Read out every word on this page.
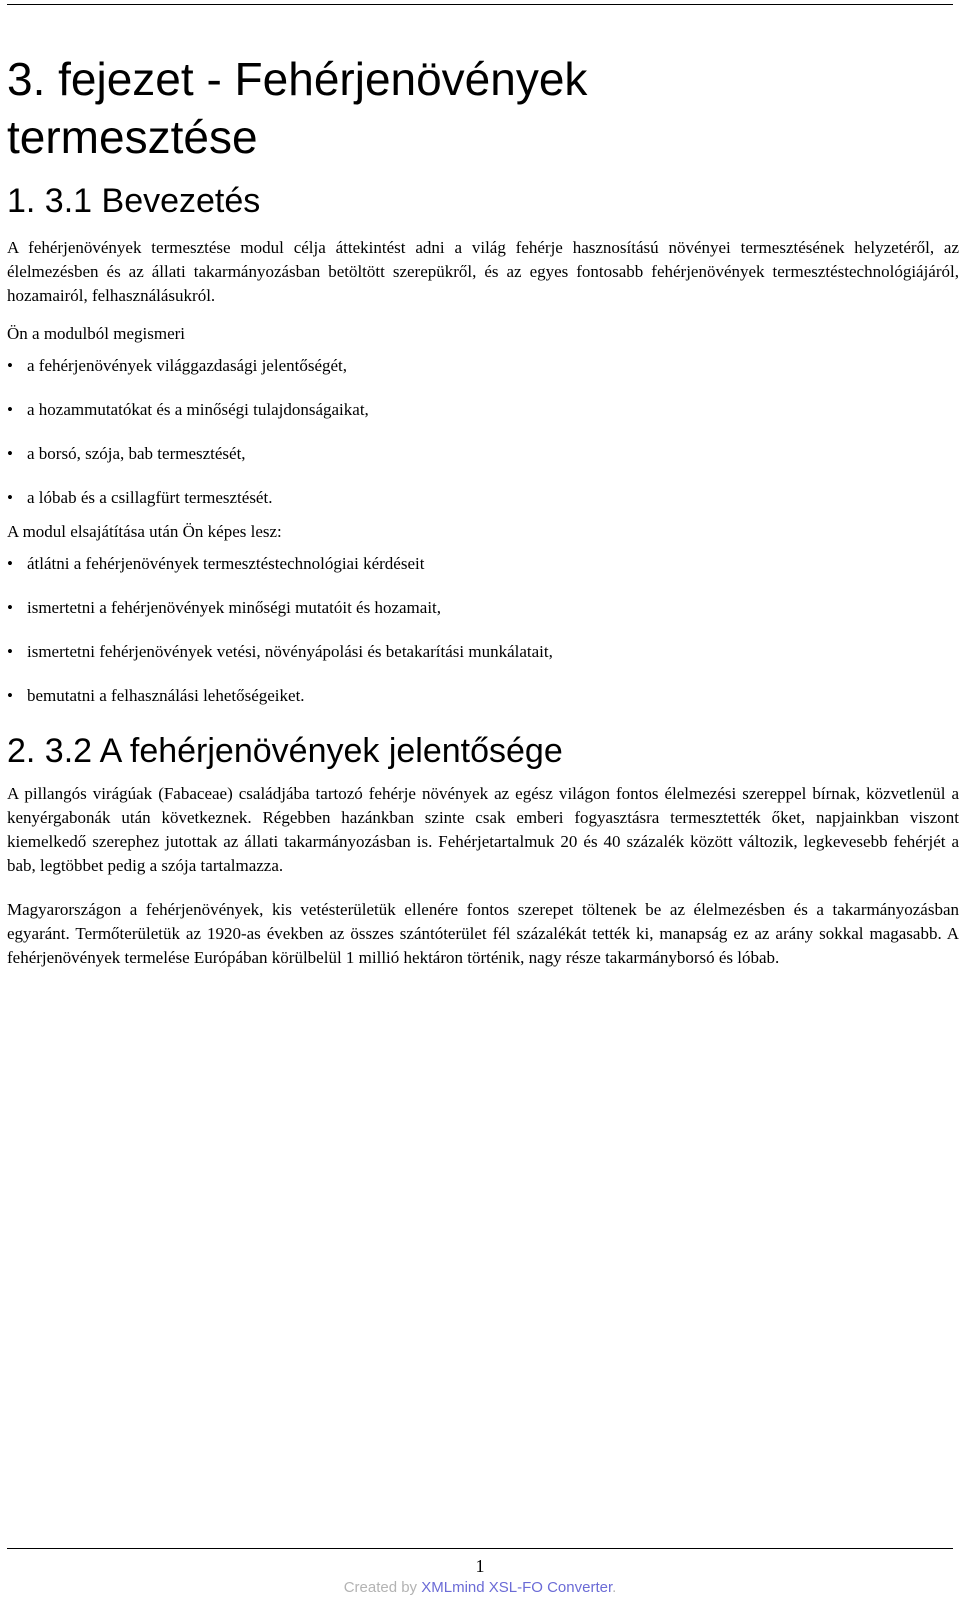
3. fejezet - Fehérjenövények
termesztése
1. 3.1 Bevezetés

A fehérjenövények termesztése modul célja áttekintést adni a világ fehérje hasznosítású növényei termesztésének helyzetéről, az élelmezésben és az állati takarmányozásban betöltött szerepükről, és az egyes fontosabb fehérjenövények termesztéstechnológiájáról, hozamairól, felhasználásukról.

Ön a modulból megismeri

• a fehérjenövények világgazdasági jelentőségét,
• a hozammutatókat és a minőségi tulajdonságaikat,
• a borsó, szója, bab termesztését,
• a lóbab és a csillagfürt termesztését.

A modul elsajátítása után Ön képes lesz:

• átlátni a fehérjenövények termesztéstechnológiai kérdéseit
• ismertetni a fehérjenövények minőségi mutatóit és hozamait,
• ismertetni fehérjenövények vetési, növényápolási és betakarítási munkálatait,
• bemutatni a felhasználási lehetőségeiket.
2. 3.2 A fehérjenövények jelentősége

A pillangós virágúak (Fabaceae) családjába tartozó fehérje növények az egész világon fontos élelmezési szereppel bírnak, közvetlenül a kenyérgabonák után következnek. Régebben hazánkban szinte csak emberi fogyasztásra termesztették őket, napjainkban viszont kiemelkedő szerephez jutottak az állati takarmányozásban is. Fehérjetartalmuk 20 és 40 százalék között változik, legkevesebb fehérjét a bab, legtöbbet pedig a szója tartalmazza.

Magyarországon a fehérjenövények, kis vetésterületük ellenére fontos szerepet töltenek be az élelmezésben és a takarmányozásban egyaránt. Termőterületük az 1920-as években az összes szántóterület fél százalékát tették ki, manapság ez az arány sokkal magasabb. A fehérjenövények termelése Európában körülbelül 1 millió hektáron történik, nagy része takarmányborsó és lóbab.

1
Created by XMLmind XSL-FO Converter.
